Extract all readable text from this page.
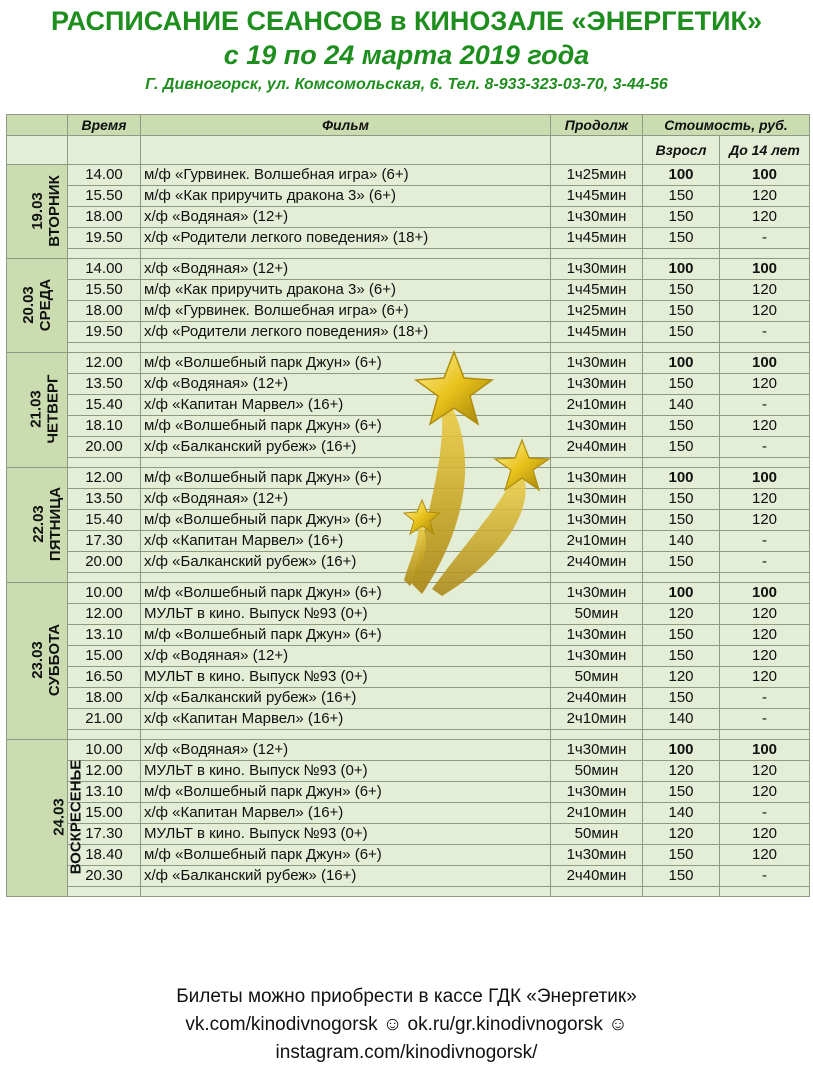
РАСПИСАНИЕ СЕАНСОВ в КИНОЗАЛЕ «ЭНЕРГЕТИК»
с 19 по 24 марта 2019 года
Г. Дивногорск, ул. Комсомольская, 6. Тел. 8-933-323-03-70, 3-44-56
	Время	Фильм	Продолж	Стоимость, руб.	
				Взросл	До 14 лет

19.03 ВТОРНИК	14.00	м/ф «Гурвинек. Волшебная игра» (6+)	1ч25мин	100	100
	15.50	м/ф «Как приручить дракона 3» (6+)	1ч45мин	150	120
	18.00	х/ф «Водяная» (12+)	1ч30мин	150	120
	19.50	х/ф «Родители легкого поведения» (18+)	1ч45мин	150	-

20.03 СРЕДА	14.00	х/ф «Водяная» (12+)	1ч30мин	100	100
	15.50	м/ф «Как приручить дракона 3» (6+)	1ч45мин	150	120
	18.00	м/ф «Гурвинек. Волшебная игра» (6+)	1ч25мин	150	120
	19.50	х/ф «Родители легкого поведения» (18+)	1ч45мин	150	-

21.03 ЧЕТВЕРГ	12.00	м/ф «Волшебный парк Джун» (6+)	1ч30мин	100	100
	13.50	х/ф «Водяная» (12+)	1ч30мин	150	120
	15.40	х/ф «Капитан Марвел» (16+)	2ч10мин	140	-
	18.10	м/ф «Волшебный парк Джун» (6+)	1ч30мин	150	120
	20.00	х/ф «Балканский рубеж» (16+)	2ч40мин	150	-

22.03 ПЯТНИЦА	12.00	м/ф «Волшебный парк Джун» (6+)	1ч30мин	100	100
	13.50	х/ф «Водяная» (12+)	1ч30мин	150	120
	15.40	м/ф «Волшебный парк Джун» (6+)	1ч30мин	150	120
	17.30	х/ф «Капитан Марвел» (16+)	2ч10мин	140	-
	20.00	х/ф «Балканский рубеж» (16+)	2ч40мин	150	-

23.03 СУББОТА	10.00	м/ф «Волшебный парк Джун» (6+)	1ч30мин	100	100
	12.00	МУЛЬТ в кино. Выпуск №93 (0+)	50мин	120	120
	13.10	м/ф «Волшебный парк Джун» (6+)	1ч30мин	150	120
	15.00	х/ф «Водяная» (12+)	1ч30мин	150	120
	16.50	МУЛЬТ в кино. Выпуск №93 (0+)	50мин	120	120
	18.00	х/ф «Балканский рубеж» (16+)	2ч40мин	150	-
	21.00	х/ф «Капитан Марвел» (16+)	2ч10мин	140	-

24.03 ВОСКРЕСЕНЬЕ	10.00	х/ф «Водяная» (12+)	1ч30мин	100	100
	12.00	МУЛЬТ в кино. Выпуск №93 (0+)	50мин	120	120
	13.10	м/ф «Волшебный парк Джун» (6+)	1ч30мин	150	120
	15.00	х/ф «Капитан Марвел» (16+)	2ч10мин	140	-
	17.30	МУЛЬТ в кино. Выпуск №93 (0+)	50мин	120	120
	18.40	м/ф «Волшебный парк Джун» (6+)	1ч30мин	150	120
	20.30	х/ф «Балканский рубеж» (16+)	2ч40мин	150	-

Билеты можно приобрести в кассе ГДК «Энергетик»
vk.com/kinodivnogorsk ☺ ok.ru/gr.kinodivnogorsk ☺
instagram.com/kinodivnogorsk/
